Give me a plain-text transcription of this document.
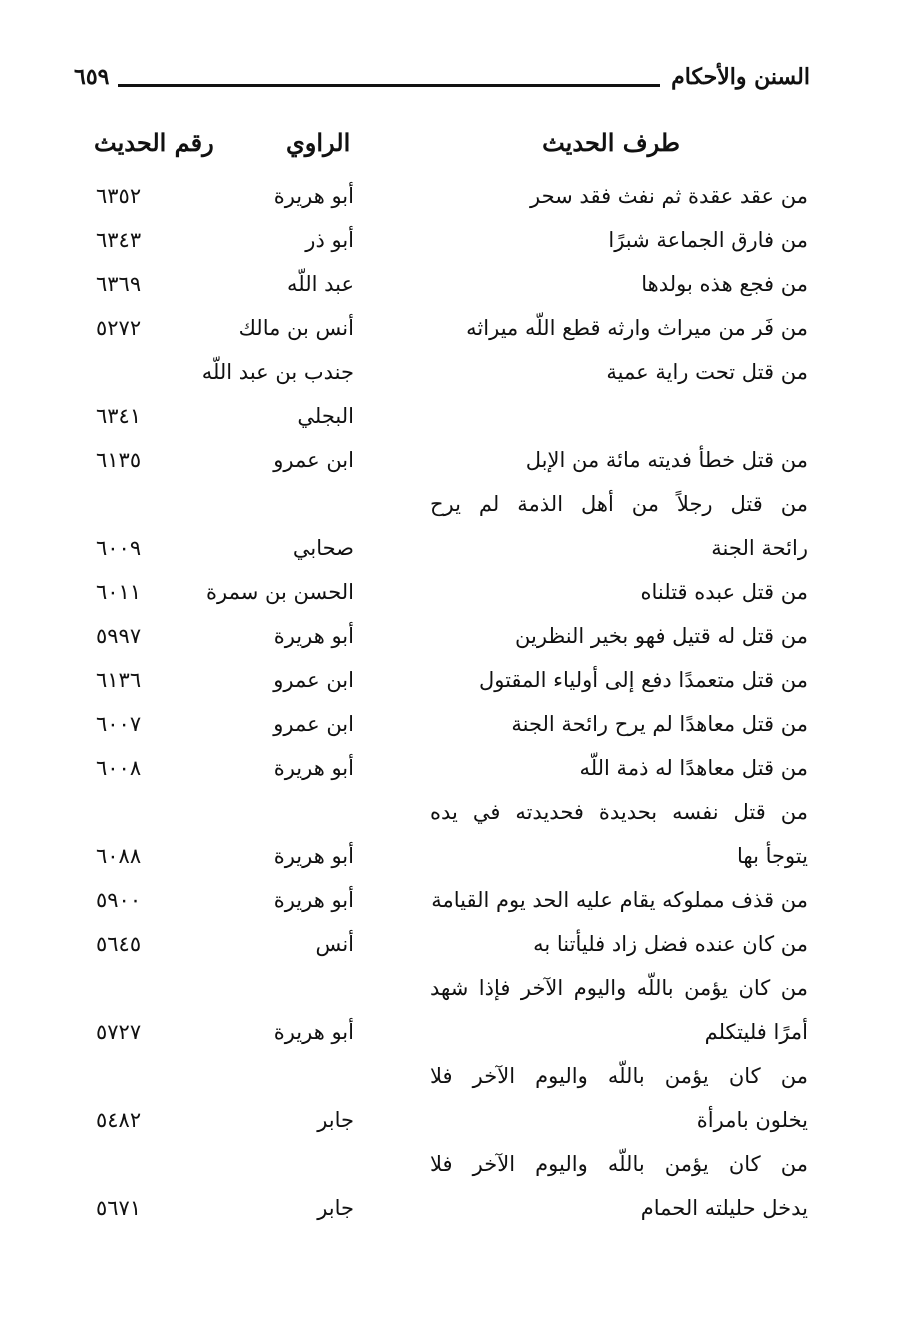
السنن والأحكام
٦٥٩
طرف الحديث
الراوي
رقم الحديث
من عقد عقدة ثم نفث فقد سحر
أبو هريرة
٦٣٥٢
من فارق الجماعة شبرًا
أبو ذر
٦٣٤٣
من فجع هذه بولدها
عبد اللّه
٦٣٦٩
من فَر من ميراث وارثه قطع اللّه ميراثه
أنس بن مالك
٥٢٧٢
من قتل تحت راية عمية
جندب بن عبد اللّه
البجلي
٦٣٤١
من قتل خطأ فديته مائة من الإبل
ابن عمرو
٦١٣٥
من قتل رجلاً من أهل الذمة لم يرح
رائحة الجنة
صحابي
٦٠٠٩
من قتل عبده قتلناه
الحسن بن سمرة
٦٠١١
من قتل له قتيل فهو بخير النظرين
أبو هريرة
٥٩٩٧
من قتل متعمدًا دفع إلى أولياء المقتول
ابن عمرو
٦١٣٦
من قتل معاهدًا لم يرح رائحة الجنة
ابن عمرو
٦٠٠٧
من قتل معاهدًا له ذمة اللّه
أبو هريرة
٦٠٠٨
من قتل نفسه بحديدة فحديدته في يده
يتوجأ بها
أبو هريرة
٦٠٨٨
من قذف مملوكه يقام عليه الحد يوم القيامة
أبو هريرة
٥٩٠٠
من كان عنده فضل زاد فليأتنا به
أنس
٥٦٤٥
من كان يؤمن باللّه واليوم الآخر فإذا شهد
أمرًا فليتكلم
أبو هريرة
٥٧٢٧
من كان يؤمن باللّه واليوم الآخر فلا
يخلون بامرأة
جابر
٥٤٨٢
من كان يؤمن باللّه واليوم الآخر فلا
يدخل حليلته الحمام
جابر
٥٦٧١
